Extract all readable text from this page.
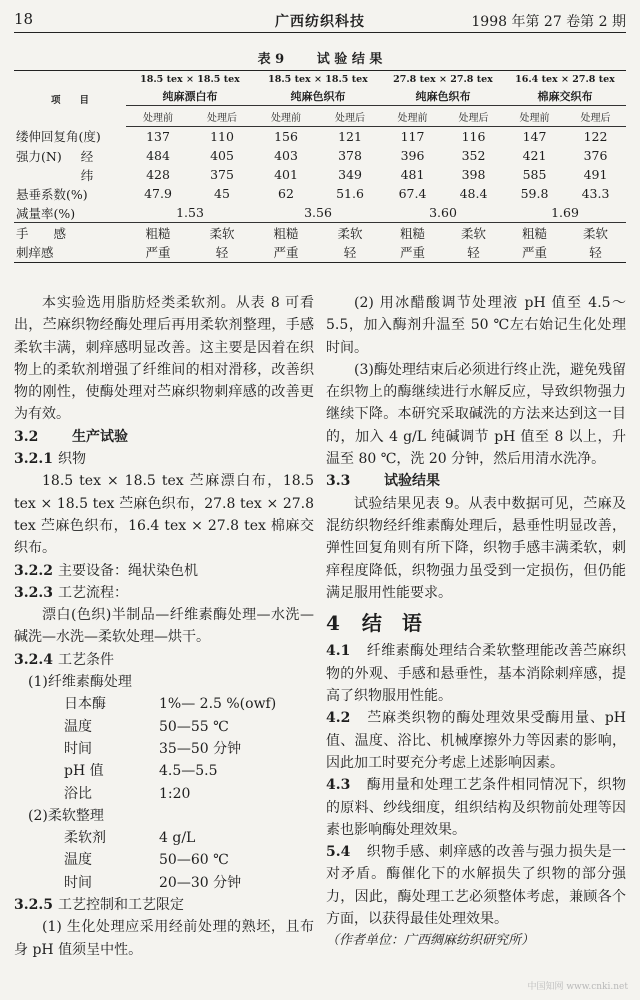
18	广西纺织科技	1998 年第 27 卷第 2 期
表 9	试 验 结 果
项　　目	18.5 tex × 18.5 tex		18.5 tex × 18.5 tex		27.8 tex × 27.8 tex		16.4 tex × 27.8 tex	
	纯麻漂白布		纯麻色织布		纯麻色织布		棉麻交织布	
	处理前	处理后	处理前	处理后	处理前	处理后	处理前	处理后
缕伸回复角(度)	137	110	156	121	117	116	147	122
强力(N) 经	484	405	403	378	396	352	421	376
纬	428	375	401	349	481	398	585	491
悬垂系数(%)	47.9	45	62	51.6	67.4	48.4	59.8	43.3
减量率(%)	1.53		3.56		3.60		1.69	
手　　感	粗糙	柔软	粗糙	柔软	粗糙	柔软	粗糙	柔软
刺痒感	严重	轻	严重	轻	严重	轻	严重	轻

本实验选用脂肪烃类柔软剂。从表 8 可看出，苎麻织物经酶处理后再用柔软剂整理，手感柔软丰满，刺痒感明显改善。这主要是因着在织物上的柔软剂增强了纤维间的相对滑移，改善织物的刚性，使酶处理对苎麻织物刺痒感的改善更为有效。

3.2 生产试验

3.2.1 织物

18.5 tex × 18.5 tex 苎麻漂白布，18.5 tex × 18.5 tex 苎麻色织布，27.8 tex × 27.8 tex 苎麻色织布，16.4 tex × 27.8 tex 棉麻交织布。

3.2.2 主要设备：绳状染色机

3.2.3 工艺流程：

漂白(色织)半制品—纤维素酶处理—水洗—碱洗—水洗—柔软处理—烘干。

3.2.4 工艺条件

(1)纤维素酶处理

日本酶	1%— 2.5 %(owf)
温度	50—55 ℃
时间	35—50 分钟
pH 值	4.5—5.5
浴比	1:20

(2)柔软整理

柔软剂	4 g/L
温度	50—60 ℃
时间	20—30 分钟

3.2.5 工艺控制和工艺限定

(1) 生化处理应采用经前处理的熟坯，且布身 pH 值须呈中性。

(2) 用冰醋酸调节处理液 pH 值至 4.5～5.5，加入酶剂升温至 50 ℃左右始记生化处理时间。

(3)酶处理结束后必须进行终止洗，避免残留在织物上的酶继续进行水解反应，导致织物强力继续下降。本研究采取碱洗的方法来达到这一目的，加入 4 g/L 纯碱调节 pH 值至 8 以上，升温至 80 ℃，洗 20 分钟，然后用清水洗净。

3.3 试验结果

试验结果见表 9。从表中数据可见，苎麻及混纺织物经纤维素酶处理后，悬垂性明显改善，弹性回复角则有所下降，织物手感丰满柔软，刺痒程度降低，织物强力虽受到一定损伤，但仍能满足服用性能要求。

4 结　语

4.1 纤维素酶处理结合柔软整理能改善苎麻织物的外观、手感和悬垂性，基本消除刺痒感，提高了织物服用性能。

4.2 苎麻类织物的酶处理效果受酶用量、pH值、温度、浴比、机械摩擦外力等因素的影响，因此加工时要充分考虑上述影响因素。

4.3 酶用量和处理工艺条件相同情况下，织物的原料、纱线细度，组织结构及织物前处理等因素也影响酶处理效果。

5.4 织物手感、刺痒感的改善与强力损失是一对矛盾。酶催化下的水解损失了织物的部分强力，因此，酶处理工艺必须整体考虑，兼顾各个方面，以获得最佳处理效果。

（作者单位：广西绸麻纺织研究所）

中国知网 www.cnki.net
